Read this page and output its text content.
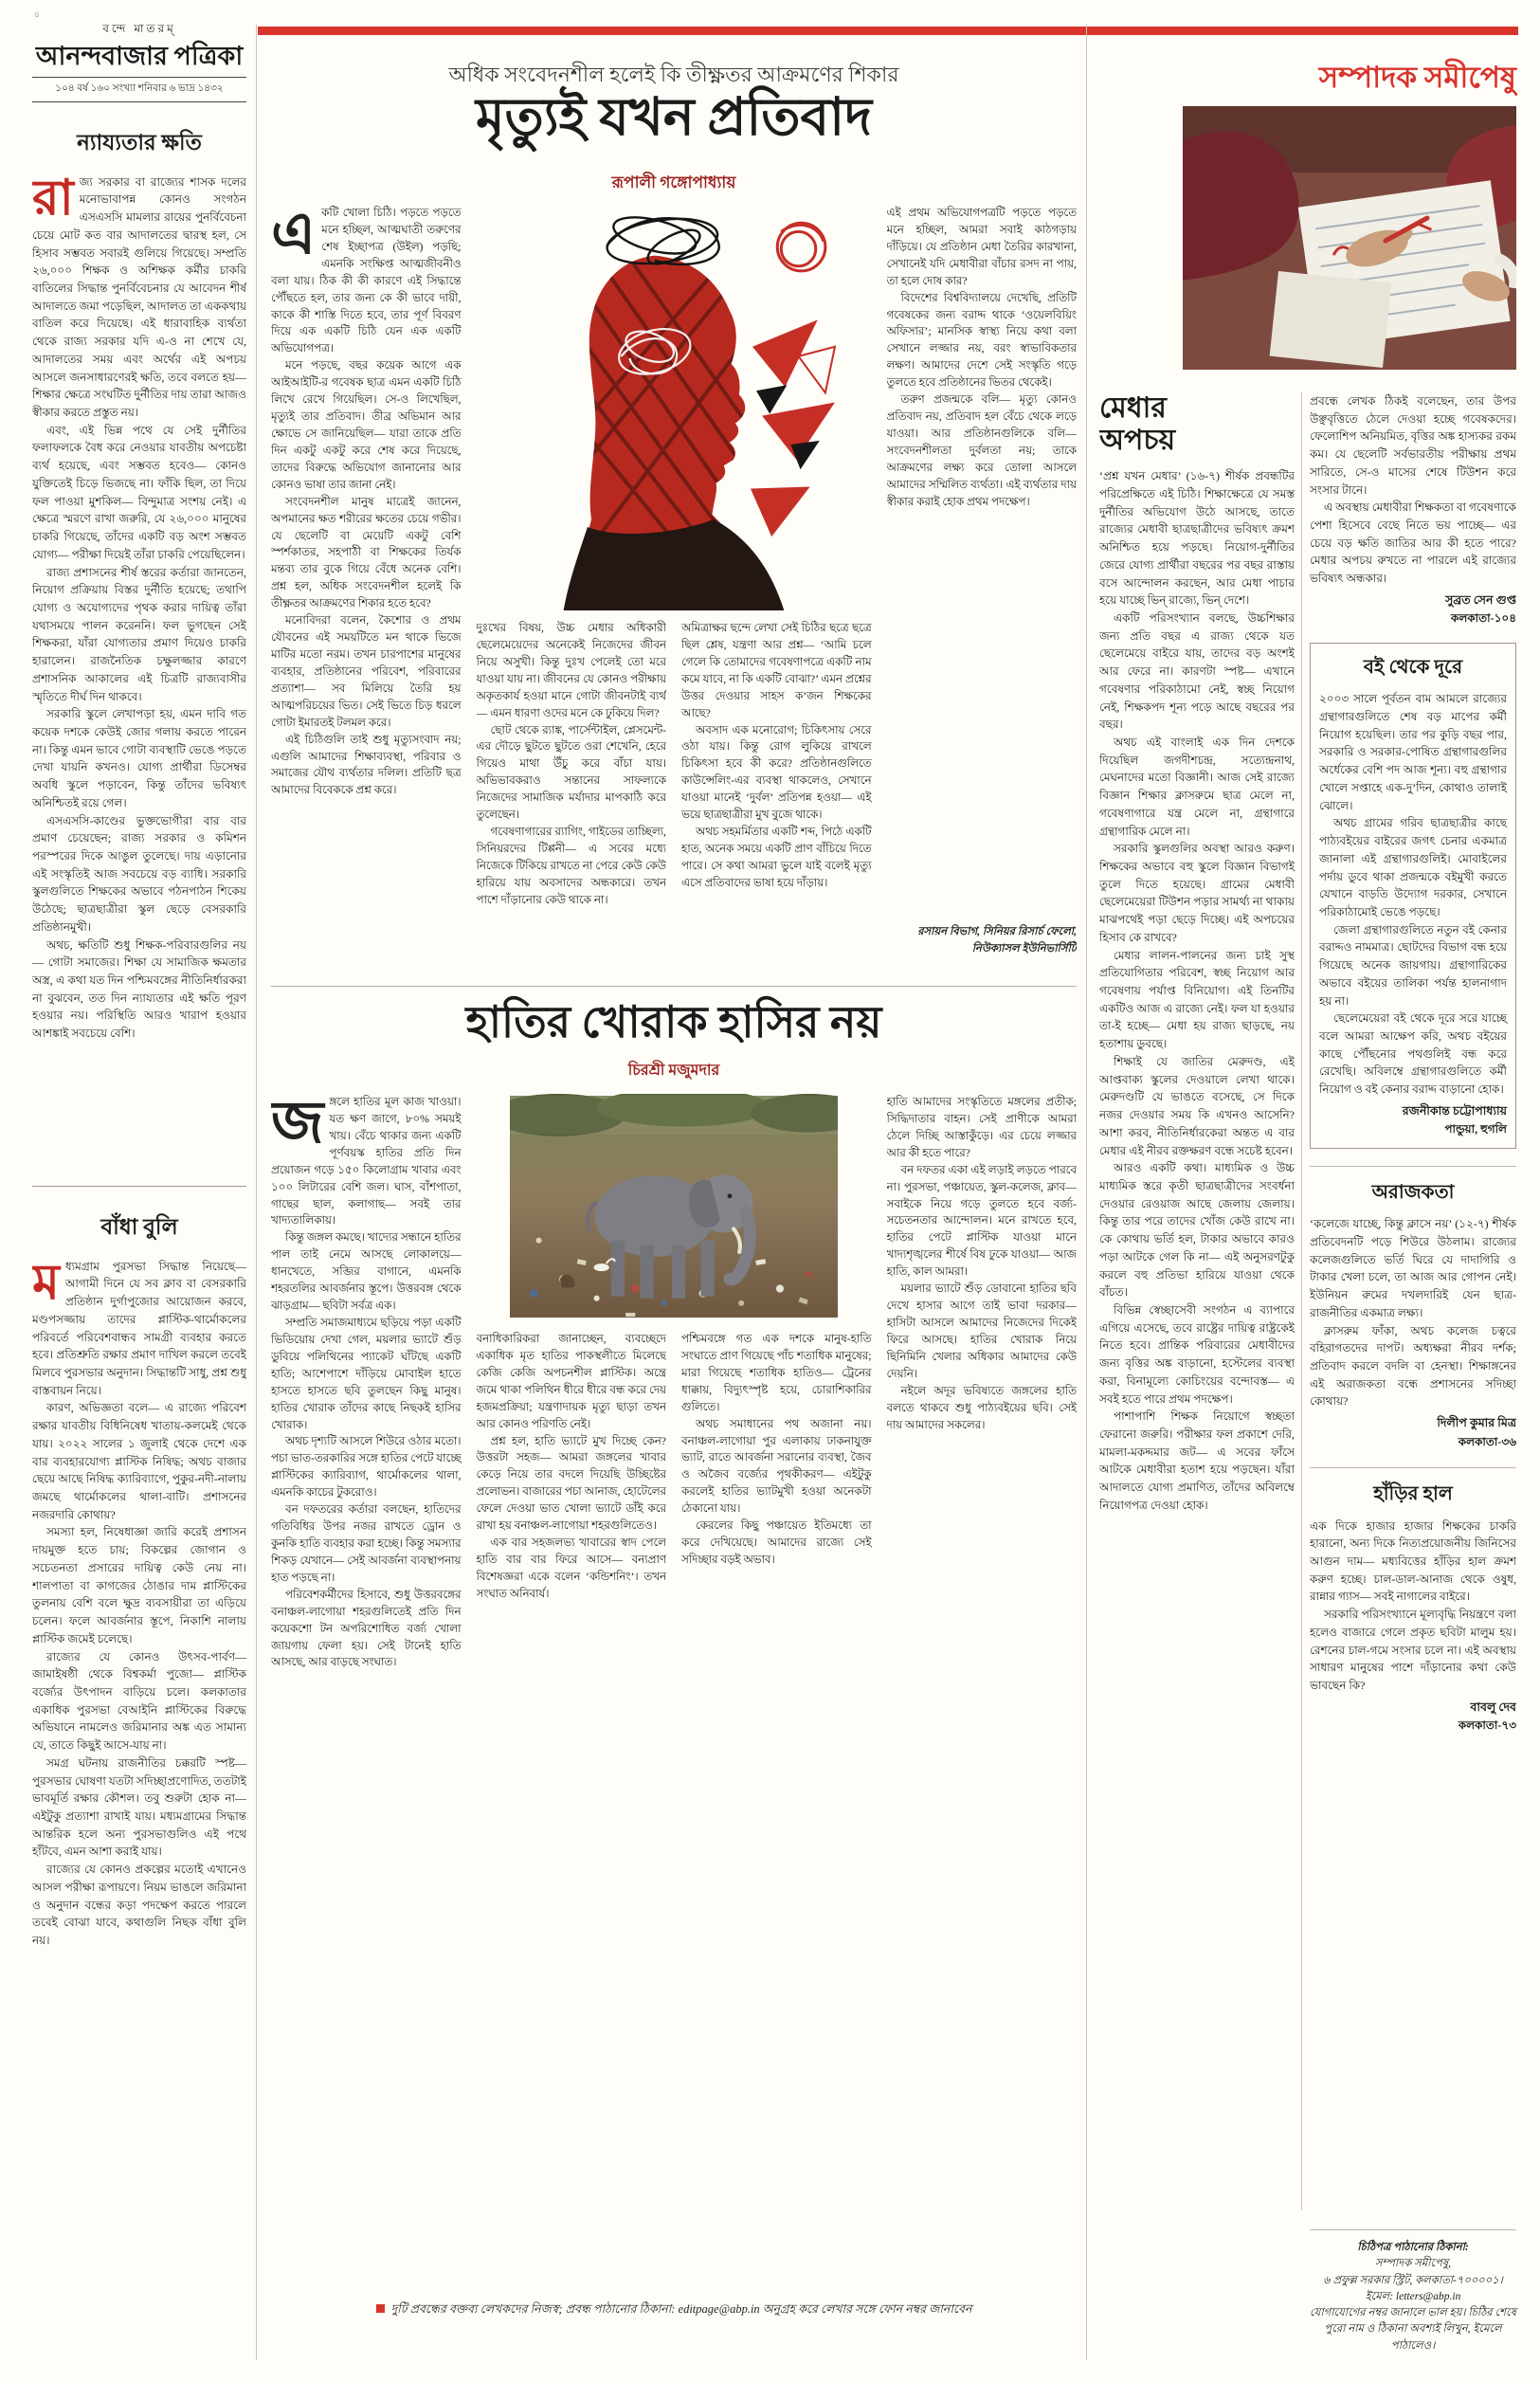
৪
বন্দে মাতরম্
আনন্দবাজার পত্রিকা
১০৪ বর্ষ ১৬০ সংখ্যা শনিবার ৬ ভাদ্র ১৪৩২
ন্যায্যতার ক্ষতি
রা জ্য সরকার বা রাজ্যের শাসক দলের মনোভাবাপন্ন কোনও সংগঠন এসএসসি মামলার রায়ের পুনর্বিবেচনা চেয়ে মোট কত বার আদালতের দ্বারস্থ হল, সে হিসাব সম্ভবত সবারই গুলিয়ে গিয়েছে। সম্প্রতি ২৬,০০০ শিক্ষক ও অশিক্ষক কর্মীর চাকরি বাতিলের সিদ্ধান্ত পুনর্বিবেচনার যে আবেদন শীর্ষ আদালতে জমা পড়েছিল, আদালত তা এককথায় বাতিল করে দিয়েছে। এই ধারাবাহিক ব্যর্থতা থেকে রাজ্য সরকার যদি এ-ও না শেখে যে, আদালতের সময় এবং অর্থের এই অপচয় আসলে জনসাধারণেরই ক্ষতি, তবে বলতে হয়— শিক্ষার ক্ষেত্রে সংঘটিত দুর্নীতির দায় তারা আজও স্বীকার করতে প্রস্তুত নয়।

এবং, এই ভিন্ন পথে যে সেই দুর্নীতির ফলাফলকে বৈধ করে নেওয়ার যাবতীয় অপচেষ্টা ব্যর্থ হয়েছে, এবং সম্ভবত হবেও— কোনও যুক্তিতেই চিড়ে ভিজছে না। ফাঁকি ছিল, তা দিয়ে ফল পাওয়া মুশকিল— বিন্দুমাত্র সংশয় নেই। এ ক্ষেত্রে স্মরণে রাখা জরুরি, যে ২৬,০০০ মানুষের চাকরি গিয়েছে, তাঁদের একটি বড় অংশ সম্ভবত যোগ্য— পরীক্ষা দিয়েই তাঁরা চাকরি পেয়েছিলেন।

রাজ্য প্রশাসনের শীর্ষ স্তরের কর্তারা জানতেন, নিয়োগ প্রক্রিয়ায় বিস্তর দুর্নীতি হয়েছে; তথাপি যোগ্য ও অযোগ্যদের পৃথক করার দায়িত্ব তাঁরা যথাসময়ে পালন করেননি। ফল ভুগছেন সেই শিক্ষকরা, যাঁরা যোগ্যতার প্রমাণ দিয়েও চাকরি হারালেন। রাজনৈতিক চক্ষুলজ্জার কারণে প্রশাসনিক আকালের এই চিত্রটি রাজ্যবাসীর স্মৃতিতে দীর্ঘ দিন থাকবে।

সরকারি স্কুলে লেখাপড়া হয়, এমন দাবি গত কয়েক দশকে কেউই জোর গলায় করতে পারেন না। কিন্তু এমন ভাবে গোটা ব্যবস্থাটি ভেঙে পড়তে দেখা যায়নি কখনও। যোগ্য প্রার্থীরা ডিসেম্বর অবধি স্কুলে পড়াবেন, কিন্তু তাঁদের ভবিষ্যৎ অনিশ্চিতই রয়ে গেল।

এসএসসি-কাণ্ডের ভুক্তভোগীরা বার বার প্রমাণ চেয়েছেন; রাজ্য সরকার ও কমিশন পরস্পরের দিকে আঙুল তুলেছে। দায় এড়ানোর এই সংস্কৃতিই আজ সবচেয়ে বড় ব্যাধি। সরকারি স্কুলগুলিতে শিক্ষকের অভাবে পঠনপাঠন শিকেয় উঠেছে; ছাত্রছাত্রীরা স্কুল ছেড়ে বেসরকারি প্রতিষ্ঠানমুখী।

অথচ, ক্ষতিটি শুধু শিক্ষক-পরিবারগুলির নয়— গোটা সমাজের। শিক্ষা যে সামাজিক ক্ষমতার অস্ত্র, এ কথা যত দিন পশ্চিমবঙ্গের নীতিনির্ধারকরা না বুঝবেন, তত দিন ন্যায্যতার এই ক্ষতি পূরণ হওয়ার নয়। পরিস্থিতি আরও খারাপ হওয়ার আশঙ্কাই সবচেয়ে বেশি।

বাঁধা বুলি
ম ধ্যমগ্রাম পুরসভা সিদ্ধান্ত নিয়েছে— আগামী দিনে যে সব ক্লাব বা বেসরকারি প্রতিষ্ঠান দুর্গাপুজোর আয়োজন করবে, মণ্ডপসজ্জায় তাদের প্লাস্টিক-থার্মোকলের পরিবর্তে পরিবেশবান্ধব সামগ্রী ব্যবহার করতে হবে। প্রতিশ্রুতি রক্ষার প্রমাণ দাখিল করলে তবেই মিলবে পুরসভার অনুদান। সিদ্ধান্তটি সাধু, প্রশ্ন শুধু বাস্তবায়ন নিয়ে।

কারণ, অভিজ্ঞতা বলে— এ রাজ্যে পরিবেশ রক্ষার যাবতীয় বিধিনিষেধ খাতায়-কলমেই থেকে যায়। ২০২২ সালের ১ জুলাই থেকে দেশে এক বার ব্যবহারযোগ্য প্লাস্টিক নিষিদ্ধ; অথচ বাজার ছেয়ে আছে নিষিদ্ধ ক্যারিব্যাগে, পুকুর-নদী-নালায় জমছে থার্মোকলের থালা-বাটি। প্রশাসনের নজরদারি কোথায়?

সমস্যা হল, নিষেধাজ্ঞা জারি করেই প্রশাসন দায়মুক্ত হতে চায়; বিকল্পের জোগান ও সচেতনতা প্রসারের দায়িত্ব কেউ নেয় না। শালপাতা বা কাগজের ঠোঙার দাম প্লাস্টিকের তুলনায় বেশি বলে ক্ষুদ্র ব্যবসায়ীরা তা এড়িয়ে চলেন। ফলে আবর্জনার স্তূপে, নিকাশি নালায় প্লাস্টিক জমেই চলেছে।

রাজ্যের যে কোনও উৎসব-পার্বণ— জামাইষষ্ঠী থেকে বিশ্বকর্মা পুজো— প্লাস্টিক বর্জ্যের উৎপাদন বাড়িয়ে চলে। কলকাতার একাধিক পুরসভা বেআইনি প্লাস্টিকের বিরুদ্ধে অভিযানে নামলেও জরিমানার অঙ্ক এত সামান্য যে, তাতে কিছুই আসে-যায় না।

সমগ্র ঘটনায় রাজনীতির চক্করটি স্পষ্ট— পুরসভার ঘোষণা যতটা সদিচ্ছাপ্রণোদিত, ততটাই ভাবমূর্তি রক্ষার কৌশল। তবু শুরুটা হোক না— এইটুকু প্রত্যাশা রাখাই যায়। মধ্যমগ্রামের সিদ্ধান্ত আন্তরিক হলে অন্য পুরসভাগুলিও এই পথে হাঁটবে, এমন আশা করাই যায়।

রাজ্যের যে কোনও প্রকল্পের মতোই এখানেও আসল পরীক্ষা রূপায়ণে। নিয়ম ভাঙলে জরিমানা ও অনুদান বন্ধের কড়া পদক্ষেপ করতে পারলে তবেই বোঝা যাবে, কথাগুলি নিছক বাঁধা বুলি নয়।

অধিক সংবেদনশীল হলেই কি তীক্ষ্ণতর আক্রমণের শিকার
মৃত্যুই যখন প্রতিবাদ
রূপালী গঙ্গোপাধ্যায়
এ কটি খোলা চিঠি। পড়তে পড়তে মনে হচ্ছিল, আত্মঘাতী তরুণের শেষ ইচ্ছাপত্র (উইল) পড়ছি; এমনকি সংক্ষিপ্ত আত্মজীবনীও বলা যায়। ঠিক কী কী কারণে এই সিদ্ধান্তে পৌঁছতে হল, তার জন্য কে কী ভাবে দায়ী, কাকে কী শাস্তি দিতে হবে, তার পূর্ণ বিবরণ দিয়ে এক একটি চিঠি যেন এক একটি অভিযোগপত্র।

মনে পড়ছে, বছর কয়েক আগে এক আইআইটি-র গবেষক ছাত্র এমন একটি চিঠি লিখে রেখে গিয়েছিল। সে-ও লিখেছিল, মৃত্যুই তার প্রতিবাদ। তীব্র অভিমান আর ক্ষোভে সে জানিয়েছিল— যারা তাকে প্রতি দিন একটু একটু করে শেষ করে দিয়েছে, তাদের বিরুদ্ধে অভিযোগ জানানোর আর কোনও ভাষা তার জানা নেই।

সংবেদনশীল মানুষ মাত্রেই জানেন, অপমানের ক্ষত শরীরের ক্ষতের চেয়ে গভীর। যে ছেলেটি বা মেয়েটি একটু বেশি স্পর্শকাতর, সহপাঠী বা শিক্ষকের তির্যক মন্তব্য তার বুকে গিয়ে বেঁধে অনেক বেশি। প্রশ্ন হল, অধিক সংবেদনশীল হলেই কি তীক্ষ্ণতর আক্রমণের শিকার হতে হবে?

মনোবিদরা বলেন, কৈশোর ও প্রথম যৌবনের এই সময়টিতে মন থাকে ভিজে মাটির মতো নরম। তখন চারপাশের মানুষের ব্যবহার, প্রতিষ্ঠানের পরিবেশ, পরিবারের প্রত্যাশা— সব মিলিয়ে তৈরি হয় আত্মপরিচয়ের ভিত। সেই ভিতে চিড় ধরলে গোটা ইমারতই টলমল করে।

এই চিঠিগুলি তাই শুধু মৃত্যুসংবাদ নয়; এগুলি আমাদের শিক্ষাব্যবস্থা, পরিবার ও সমাজের যৌথ ব্যর্থতার দলিল। প্রতিটি ছত্র আমাদের বিবেককে প্রশ্ন করে।

দুঃখের বিষয়, উচ্চ মেধার অধিকারী ছেলেমেয়েদের অনেকেই নিজেদের জীবন নিয়ে অসুখী। কিন্তু দুঃখ পেলেই তো মরে যাওয়া যায় না। জীবনের যে কোনও পরীক্ষায় অকৃতকার্য হওয়া মানে গোটা জীবনটাই ব্যর্থ— এমন ধারণা ওদের মনে কে ঢুকিয়ে দিল?

ছোট থেকে র‌্যাঙ্ক, পার্সেন্টাইল, প্লেসমেন্ট-এর দৌড়ে ছুটতে ছুটতে ওরা শেখেনি, হেরে গিয়েও মাথা উঁচু করে বাঁচা যায়। অভিভাবকরাও সন্তানের সাফল্যকে নিজেদের সামাজিক মর্যাদার মাপকাঠি করে তুলেছেন।

গবেষণাগারের র‌্যাগিং, গাইডের তাচ্ছিল্য, সিনিয়রদের টিপ্পনী— এ সবের মধ্যে নিজেকে টিকিয়ে রাখতে না পেরে কেউ কেউ হারিয়ে যায় অবসাদের অন্ধকারে। তখন পাশে দাঁড়ানোর কেউ থাকে না।

অমিত্রাক্ষর ছন্দে লেখা সেই চিঠির ছত্রে ছত্রে ছিল শ্লেষ, যন্ত্রণা আর প্রশ্ন— ‘আমি চলে গেলে কি তোমাদের গবেষণাপত্রে একটি নাম কমে যাবে, না কি একটি বোঝা?’ এমন প্রশ্নের উত্তর দেওয়ার সাহস ক’জন শিক্ষকের আছে?

অবসাদ এক মনোরোগ; চিকিৎসায় সেরে ওঠা যায়। কিন্তু রোগ লুকিয়ে রাখলে চিকিৎসা হবে কী করে? প্রতিষ্ঠানগুলিতে কাউন্সেলিং-এর ব্যবস্থা থাকলেও, সেখানে যাওয়া মানেই ‘দুর্বল’ প্রতিপন্ন হওয়া— এই ভয়ে ছাত্রছাত্রীরা মুখ বুজে থাকে।

অথচ সহমর্মিতার একটি শব্দ, পিঠে একটি হাত, অনেক সময়ে একটি প্রাণ বাঁচিয়ে দিতে পারে। সে কথা আমরা ভুলে যাই বলেই মৃত্যু এসে প্রতিবাদের ভাষা হয়ে দাঁড়ায়।

এই প্রথম অভিযোগপত্রটি পড়তে পড়তে মনে হচ্ছিল, আমরা সবাই কাঠগড়ায় দাঁড়িয়ে। যে প্রতিষ্ঠান মেধা তৈরির কারখানা, সেখানেই যদি মেধাবীরা বাঁচার রসদ না পায়, তা হলে দোষ কার?

বিদেশের বিশ্ববিদ্যালয়ে দেখেছি, প্রতিটি গবেষকের জন্য বরাদ্দ থাকে ‘ওয়েলবিয়িং অফিসার’; মানসিক স্বাস্থ্য নিয়ে কথা বলা সেখানে লজ্জার নয়, বরং স্বাভাবিকতার লক্ষণ। আমাদের দেশে সেই সংস্কৃতি গড়ে তুলতে হবে প্রতিষ্ঠানের ভিতর থেকেই।

তরুণ প্রজন্মকে বলি— মৃত্যু কোনও প্রতিবাদ নয়, প্রতিবাদ হল বেঁচে থেকে লড়ে যাওয়া। আর প্রতিষ্ঠানগুলিকে বলি— সংবেদনশীলতা দুর্বলতা নয়; তাকে আক্রমণের লক্ষ্য করে তোলা আসলে আমাদের সম্মিলিত ব্যর্থতা। এই ব্যর্থতার দায় স্বীকার করাই হোক প্রথম পদক্ষেপ।

রসায়ন বিভাগ, সিনিয়র রিসার্চ ফেলো, নিউক্যাসল ইউনিভার্সিটি
হাতির খোরাক হাসির নয়
চিরশ্রী মজুমদার
জ ঙ্গলে হাতির মূল কাজ খাওয়া। যত ক্ষণ জাগে, ৮০% সময়ই খায়। বেঁচে থাকার জন্য একটি পূর্ণবয়স্ক হাতির প্রতি দিন প্রয়োজন গড়ে ১৫০ কিলোগ্রাম খাবার এবং ১০০ লিটারের বেশি জল। ঘাস, বাঁশপাতা, গাছের ছাল, কলাগাছ— সবই তার খাদ্যতালিকায়।

কিন্তু জঙ্গল কমছে। খাদ্যের সন্ধানে হাতির পাল তাই নেমে আসছে লোকালয়ে— ধানখেতে, সব্জির বাগানে, এমনকি শহরতলির আবর্জনার স্তূপে। উত্তরবঙ্গ থেকে ঝাড়গ্রাম— ছবিটা সর্বত্র এক।

সম্প্রতি সমাজমাধ্যমে ছড়িয়ে পড়া একটি ভিডিয়োয় দেখা গেল, ময়লার ভ্যাটে শুঁড় ডুবিয়ে পলিথিনের প্যাকেট ঘাঁটছে একটি হাতি; আশেপাশে দাঁড়িয়ে মোবাইল হাতে হাসতে হাসতে ছবি তুলছেন কিছু মানুষ। হাতির খোরাক তাঁদের কাছে নিছকই হাসির খোরাক।

অথচ দৃশ্যটি আসলে শিউরে ওঠার মতো। পচা ভাত-তরকারির সঙ্গে হাতির পেটে যাচ্ছে প্লাস্টিকের ক্যারিব্যাগ, থার্মোকলের থালা, এমনকি কাচের টুকরোও।

বন দফতরের কর্তারা বলছেন, হাতিদের গতিবিধির উপর নজর রাখতে ড্রোন ও কুনকি হাতি ব্যবহার করা হচ্ছে। কিন্তু সমস্যার শিকড় যেখানে— সেই আবর্জনা ব্যবস্থাপনায় হাত পড়ছে না।

পরিবেশকর্মীদের হিসাবে, শুধু উত্তরবঙ্গের বনাঞ্চল-লাগোয়া শহরগুলিতেই প্রতি দিন কয়েকশো টন অপরিশোধিত বর্জ্য খোলা জায়গায় ফেলা হয়। সেই টানেই হাতি আসছে, আর বাড়ছে সংঘাত।

বনাধিকারিকরা জানাচ্ছেন, ব্যবচ্ছেদে একাধিক মৃত হাতির পাকস্থলীতে মিলেছে কেজি কেজি অপচনশীল প্লাস্টিক। অন্ত্রে জমে থাকা পলিথিন ধীরে ধীরে বন্ধ করে দেয় হজমপ্রক্রিয়া; যন্ত্রণাদায়ক মৃত্যু ছাড়া তখন আর কোনও পরিণতি নেই।

প্রশ্ন হল, হাতি ভ্যাটে মুখ দিচ্ছে কেন? উত্তরটা সহজ— আমরা জঙ্গলের খাবার কেড়ে নিয়ে তার বদলে দিয়েছি উচ্ছিষ্টের প্রলোভন। বাজারের পচা আনাজ, হোটেলের ফেলে দেওয়া ভাত খোলা ভ্যাটে ডাঁই করে রাখা হয় বনাঞ্চল-লাগোয়া শহরগুলিতেও।

এক বার সহজলভ্য খাবারের স্বাদ পেলে হাতি বার বার ফিরে আসে— বন্যপ্রাণ বিশেষজ্ঞরা একে বলেন ‘কন্ডিশনিং’। তখন সংঘাত অনিবার্য।

পশ্চিমবঙ্গে গত এক দশকে মানুষ-হাতি সংঘাতে প্রাণ গিয়েছে পাঁচ শতাধিক মানুষের; মারা গিয়েছে শতাধিক হাতিও— ট্রেনের ধাক্কায়, বিদ্যুৎস্পৃষ্ট হয়ে, চোরাশিকারির গুলিতে।

অথচ সমাধানের পথ অজানা নয়। বনাঞ্চল-লাগোয়া পুর এলাকায় ঢাকনাযুক্ত ভ্যাট, রাতে আবর্জনা সরানোর ব্যবস্থা, জৈব ও অজৈব বর্জ্যের পৃথকীকরণ— এইটুকু করলেই হাতির ভ্যাটমুখী হওয়া অনেকটা ঠেকানো যায়।

কেরলের কিছু পঞ্চায়েত ইতিমধ্যে তা করে দেখিয়েছে। আমাদের রাজ্যে সেই সদিচ্ছার বড়ই অভাব।

হাতি আমাদের সংস্কৃতিতে মঙ্গলের প্রতীক; সিদ্ধিদাতার বাহন। সেই প্রাণীকে আমরা ঠেলে দিচ্ছি আস্তাকুঁড়ে। এর চেয়ে লজ্জার আর কী হতে পারে?

বন দফতর একা এই লড়াই লড়তে পারবে না। পুরসভা, পঞ্চায়েত, স্কুল-কলেজ, ক্লাব— সবাইকে নিয়ে গড়ে তুলতে হবে বর্জ্য-সচেতনতার আন্দোলন। মনে রাখতে হবে, হাতির পেটে প্লাস্টিক যাওয়া মানে খাদ্যশৃঙ্খলের শীর্ষে বিষ ঢুকে যাওয়া— আজ হাতি, কাল আমরা।

ময়লার ভ্যাটে শুঁড় ডোবানো হাতির ছবি দেখে হাসার আগে তাই ভাবা দরকার— হাসিটা আসলে আমাদের নিজেদের দিকেই ফিরে আসছে। হাতির খোরাক নিয়ে ছিনিমিনি খেলার অধিকার আমাদের কেউ দেয়নি।

নইলে অদূর ভবিষ্যতে জঙ্গলের হাতি বলতে থাকবে শুধু পাঠ্যবইয়ের ছবি। সেই দায় আমাদের সকলের।

দুটি প্রবন্ধের বক্তব্য লেখকদের নিজস্ব; প্রবন্ধ পাঠানোর ঠিকানা: editpage@abp.in অনুগ্রহ করে লেখার সঙ্গে ফোন নম্বর জানাবেন
সম্পাদক সমীপেষু
মেধার অপচয়

‘প্রশ্ন যখন মেধার’ (১৬-৭) শীর্ষক প্রবন্ধটির পরিপ্রেক্ষিতে এই চিঠি। শিক্ষাক্ষেত্রে যে সমস্ত দুর্নীতির অভিযোগ উঠে আসছে, তাতে রাজ্যের মেধাবী ছাত্রছাত্রীদের ভবিষ্যৎ ক্রমশ অনিশ্চিত হয়ে পড়ছে। নিয়োগ-দুর্নীতির জেরে যোগ্য প্রার্থীরা বছরের পর বছর রাস্তায় বসে আন্দোলন করছেন, আর মেধা পাচার হয়ে যাচ্ছে ভিন্ রাজ্যে, ভিন্ দেশে।

একটি পরিসংখ্যান বলছে, উচ্চশিক্ষার জন্য প্রতি বছর এ রাজ্য থেকে যত ছেলেমেয়ে বাইরে যায়, তাদের বড় অংশই আর ফেরে না। কারণটা স্পষ্ট— এখানে গবেষণার পরিকাঠামো নেই, স্বচ্ছ নিয়োগ নেই, শিক্ষকপদ শূন্য পড়ে আছে বছরের পর বছর।

অথচ এই বাংলাই এক দিন দেশকে দিয়েছিল জগদীশচন্দ্র, সত্যেন্দ্রনাথ, মেঘনাদের মতো বিজ্ঞানী। আজ সেই রাজ্যে বিজ্ঞান শিক্ষার ক্লাসরুমে ছাত্র মেলে না, গবেষণাগারে যন্ত্র মেলে না, গ্রন্থাগারে গ্রন্থা‌গারিক মেলে না।

সরকারি স্কুলগুলির অবস্থা আরও করুণ। শিক্ষকের অভাবে বহু স্কুলে বিজ্ঞান বিভাগই তুলে দিতে হয়েছে। গ্রামের মেধাবী ছেলেমেয়েরা টিউশন পড়ার সামর্থ্য না থাকায় মাঝপথেই পড়া ছেড়ে দিচ্ছে। এই অপচয়ের হিসাব কে রাখবে?

মেধার লালন-পালনের জন্য চাই সুস্থ প্রতিযোগিতার পরিবেশ, স্বচ্ছ নিয়োগ আর গবেষণায় পর্যাপ্ত বিনিয়োগ। এই তিনটির একটিও আজ এ রাজ্যে নেই। ফল যা হওয়ার তা-ই হচ্ছে— মেধা হয় রাজ্য ছাড়ছে, নয় হতাশায় ডুবছে।

শিক্ষাই যে জাতির মেরুদণ্ড, এই আপ্তবাক্য স্কুলের দেওয়ালে লেখা থাকে। মেরুদণ্ডটি যে ভাঙতে বসেছে, সে দিকে নজর দেওয়ার সময় কি এখনও আসেনি? আশা করব, নীতিনির্ধারকেরা অন্তত এ বার মেধার এই নীরব রক্তক্ষরণ বন্ধে সচেষ্ট হবেন।

আরও একটি কথা। মাধ্যমিক ও উচ্চ মাধ্যমিক স্তরে কৃতী ছাত্রছাত্রীদের সংবর্ধনা দেওয়ার রেওয়াজ আছে জেলায় জেলায়। কিন্তু তার পরে তাদের খোঁজ কেউ রাখে না। কে কোথায় ভর্তি হল, টাকার অভাবে কারও পড়া আটকে গেল কি না— এই অনুসরণটুকু করলে বহু প্রতিভা হারিয়ে যাওয়া থেকে বাঁচত।

বিভিন্ন স্বেচ্ছাসেবী সংগঠন এ ব্যাপারে এগিয়ে এসেছে, তবে রাষ্ট্রের দায়িত্ব রাষ্ট্রকেই নিতে হবে। প্রান্তিক পরিবারের মেধাবীদের জন্য বৃত্তির অঙ্ক বাড়ানো, হস্টেলের ব্যবস্থা করা, বিনামূল্যে কোচিংয়ের বন্দোবস্ত— এ সবই হতে পারে প্রথম পদক্ষেপ।

পাশাপাশি শিক্ষক নিয়োগে স্বচ্ছতা ফেরানো জরুরি। পরীক্ষার ফল প্রকাশে দেরি, মামলা-মকদ্দমার জট— এ সবের ফাঁসে আটকে মেধাবীরা হতাশ হয়ে পড়ছেন। যাঁরা আদালতে যোগ্য প্রমাণিত, তাঁদের অবিলম্বে নিয়োগপত্র দেওয়া হোক।

প্রবন্ধে লেখক ঠিকই বলেছেন, তার উপর উঞ্ছবৃত্তিতে ঠেলে দেওয়া হচ্ছে গবেষকদের। ফেলোশিপ অনিয়মিত, বৃত্তির অঙ্ক হাস্যকর রকম কম। যে ছেলেটি সর্বভারতীয় পরীক্ষায় প্রথম সারিতে, সে-ও মাসের শেষে টিউশন করে সংসার টানে।

এ অবস্থায় মেধাবীরা শিক্ষকতা বা গবেষণাকে পেশা হিসেবে বেছে নিতে ভয় পাচ্ছে— এর চেয়ে বড় ক্ষতি জাতির আর কী হতে পারে? মেধার অপচয় রুখতে না পারলে এই রাজ্যের ভবিষ্যৎ অন্ধকার।

সুব্রত সেন গুপ্ত
কলকাতা-১০৪
বই থেকে দূরে

২০০৩ সালে পূর্বতন বাম আমলে রাজ্যের গ্রন্থাগারগুলিতে শেষ বড় মাপের কর্মী নিয়োগ হয়েছিল। তার পর কুড়ি বছর পার, সরকারি ও সরকার-পোষিত গ্রন্থাগারগুলির অর্ধেকের বেশি পদ আজ শূন্য। বহু গ্রন্থাগার খোলে সপ্তাহে এক-দু’দিন, কোথাও তালাই ঝোলে।

অথচ গ্রামের গরিব ছাত্রছাত্রীর কাছে পাঠ্যবইয়ের বাইরের জগৎ চেনার একমাত্র জানালা এই গ্রন্থাগারগুলিই। মোবাইলের পর্দায় ডুবে থাকা প্রজন্মকে বইমুখী করতে যেখানে বাড়তি উদ্যোগ দরকার, সেখানে পরিকাঠামোই ভেঙে পড়ছে।

জেলা গ্রন্থাগারগুলিতে নতুন বই কেনার বরাদ্দও নামমাত্র। ছোটদের বিভাগ বন্ধ হয়ে গিয়েছে অনেক জায়গায়। গ্রন্থাগারিকের অভাবে বইয়ের তালিকা পর্যন্ত হালনাগাদ হয় না।

ছেলেমেয়েরা বই থেকে দূরে সরে যাচ্ছে বলে আমরা আক্ষেপ করি, অথচ বইয়ের কাছে পৌঁছনোর পথগুলিই বন্ধ করে রেখেছি। অবিলম্বে গ্রন্থাগারগুলিতে কর্মী নিয়োগ ও বই কেনার বরাদ্দ বাড়ানো হোক।

রজনীকান্ত চট্টোপাধ্যায়
পান্ডুয়া, হুগলি
অরাজকতা

‘কলেজে যাচ্ছে, কিন্তু ক্লাসে নয়’ (১২-৭) শীর্ষক প্রতিবেদনটি পড়ে শিউরে উঠলাম। রাজ্যের কলেজগুলিতে ভর্তি ঘিরে যে দাদাগিরি ও টাকার খেলা চলে, তা আজ আর গোপন নেই। ইউনিয়ন রুমের দখলদারিই যেন ছাত্র-রাজনীতির একমাত্র লক্ষ্য।

ক্লাসরুম ফাঁকা, অথচ কলেজ চত্বরে বহিরাগতদের দাপট। অধ্যক্ষরা নীরব দর্শক; প্রতিবাদ করলে বদলি বা হেনস্থা। শিক্ষাঙ্গনের এই অরাজকতা বন্ধে প্রশাসনের সদিচ্ছা কোথায়?

দিলীপ কুমার মিত্র
কলকাতা-৩৬
হাঁড়ির হাল

এক দিকে হাজার হাজার শিক্ষকের চাকরি হারানো, অন্য দিকে নিত্যপ্রয়োজনীয় জিনিসের আগুন দাম— মধ্যবিত্তের হাঁড়ির হাল ক্রমশ করুণ হচ্ছে। চাল-ডাল-আনাজ থেকে ওষুধ, রান্নার গ্যাস— সবই নাগালের বাইরে।

সরকারি পরিসংখ্যানে মূল্যবৃদ্ধি নিয়ন্ত্রণে বলা হলেও বাজারে গেলে প্রকৃত ছবিটা মালুম হয়। রেশনের চাল-গমে সংসার চলে না। এই অবস্থায় সাধারণ মানুষের পাশে দাঁড়ানোর কথা কেউ ভাবছেন কি?

বাবলু দেব
কলকাতা-৭৩

চিঠিপত্র পাঠানোর ঠিকানা:

সম্পাদক সমীপেষু,

৬ প্রফুল্ল সরকার স্ট্রিট, কলকাতা-৭০০০০১।

ইমেল: letters@abp.in

যোগাযোগের নম্বর জানালে ভাল হয়। চিঠির শেষে পুরো নাম ও ঠিকানা অবশ্যই লিখুন, ইমেলে পাঠালেও।
